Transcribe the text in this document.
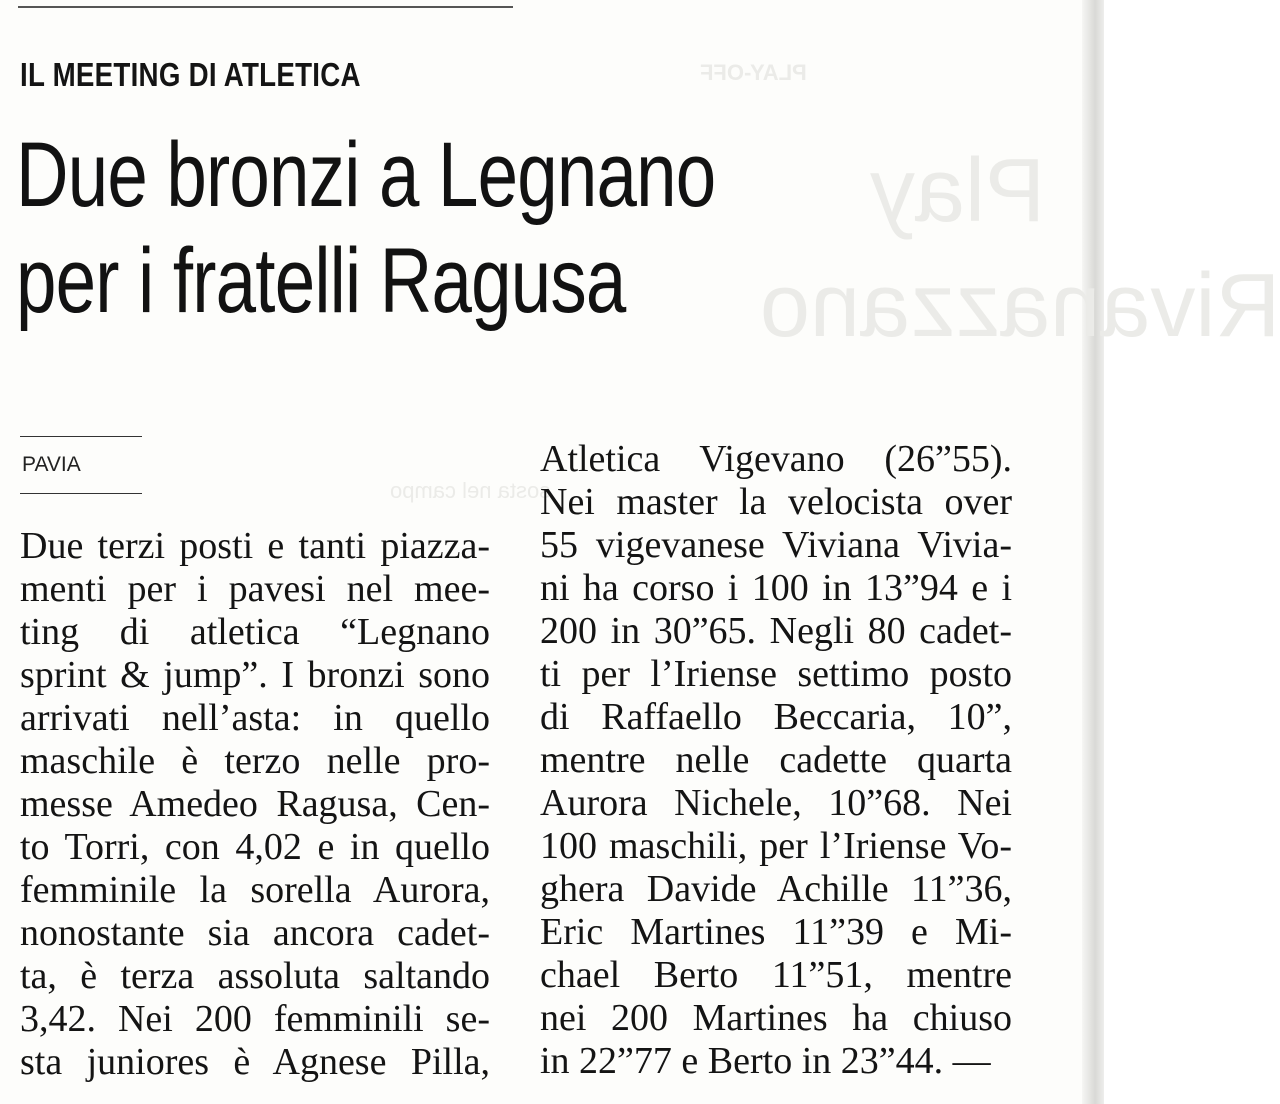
PLAY-OFF
Play
Rivanazzano
sosta nel campo
IL MEETING DI ATLETICA
Due bronzi a Legnano
per i fratelli Ragusa
PAVIA
Due terzi posti e tanti piazza-
menti per i pavesi nel mee-
ting di atletica “Legnano
sprint & jump”. I bronzi sono
arrivati nell’asta: in quello
maschile è terzo nelle pro-
messe Amedeo Ragusa, Cen-
to Torri, con 4,02 e in quello
femminile la sorella Aurora,
nonostante sia ancora cadet-
ta, è terza assoluta saltando
3,42. Nei 200 femminili se-
sta juniores è Agnese Pilla,
Atletica Vigevano (26”55).
Nei master la velocista over
55 vigevanese Viviana Vivia-
ni ha corso i 100 in 13”94 e i
200 in 30”65. Negli 80 cadet-
ti per l’Iriense settimo posto
di Raffaello Beccaria, 10”,
mentre nelle cadette quarta
Aurora Nichele, 10”68. Nei
100 maschili, per l’Iriense Vo-
ghera Davide Achille 11”36,
Eric Martines 11”39 e Mi-
chael Berto 11”51, mentre
nei 200 Martines ha chiuso
in 22”77 e Berto in 23”44. —
